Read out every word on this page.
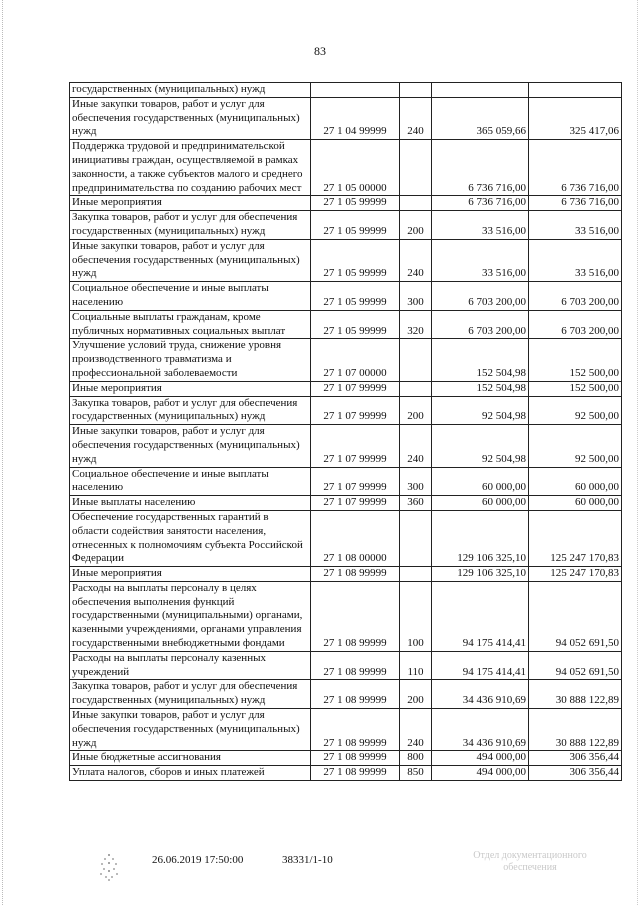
83
государственных (муниципальных) нужд				
Иные закупки товаров, работ и услуг для обеспечения государственных (муниципальных) нужд	27 1 04 99999	240	365 059,66	325 417,06
Поддержка трудовой и предпринимательской инициативы граждан, осуществляемой в рамках законности, а также субъектов малого и среднего предпринимательства по созданию рабочих мест	27 1 05 00000		6 736 716,00	6 736 716,00
Иные мероприятия	27 1 05 99999		6 736 716,00	6 736 716,00
Закупка товаров, работ и услуг для обеспечения государственных (муниципальных) нужд	27 1 05 99999	200	33 516,00	33 516,00
Иные закупки товаров, работ и услуг для обеспечения государственных (муниципальных) нужд	27 1 05 99999	240	33 516,00	33 516,00
Социальное обеспечение и иные выплаты населению	27 1 05 99999	300	6 703 200,00	6 703 200,00
Социальные выплаты гражданам, кроме публичных нормативных социальных выплат	27 1 05 99999	320	6 703 200,00	6 703 200,00
Улучшение условий труда, снижение уровня производственного травматизма и профессиональной заболеваемости	27 1 07 00000		152 504,98	152 500,00
Иные мероприятия	27 1 07 99999		152 504,98	152 500,00
Закупка товаров, работ и услуг для обеспечения государственных (муниципальных) нужд	27 1 07 99999	200	92 504,98	92 500,00
Иные закупки товаров, работ и услуг для обеспечения государственных (муниципальных) нужд	27 1 07 99999	240	92 504,98	92 500,00
Социальное обеспечение и иные выплаты населению	27 1 07 99999	300	60 000,00	60 000,00
Иные выплаты населению	27 1 07 99999	360	60 000,00	60 000,00
Обеспечение государственных гарантий в области содействия занятости населения, отнесенных к полномочиям субъекта Российской Федерации	27 1 08 00000		129 106 325,10	125 247 170,83
Иные мероприятия	27 1 08 99999		129 106 325,10	125 247 170,83
Расходы на выплаты персоналу в целях обеспечения выполнения функций государственными (муниципальными) органами, казенными учреждениями, органами управления государственными внебюджетными фондами	27 1 08 99999	100	94 175 414,41	94 052 691,50
Расходы на выплаты персоналу казенных учреждений	27 1 08 99999	110	94 175 414,41	94 052 691,50
Закупка товаров, работ и услуг для обеспечения государственных (муниципальных) нужд	27 1 08 99999	200	34 436 910,69	30 888 122,89
Иные закупки товаров, работ и услуг для обеспечения государственных (муниципальных) нужд	27 1 08 99999	240	34 436 910,69	30 888 122,89
Иные бюджетные ассигнования	27 1 08 99999	800	494 000,00	306 356,44
Уплата налогов, сборов и иных платежей	27 1 08 99999	850	494 000,00	306 356,44
26.06.2019 17:50:00	38331/1-10	Отдел документационного обеспечения
